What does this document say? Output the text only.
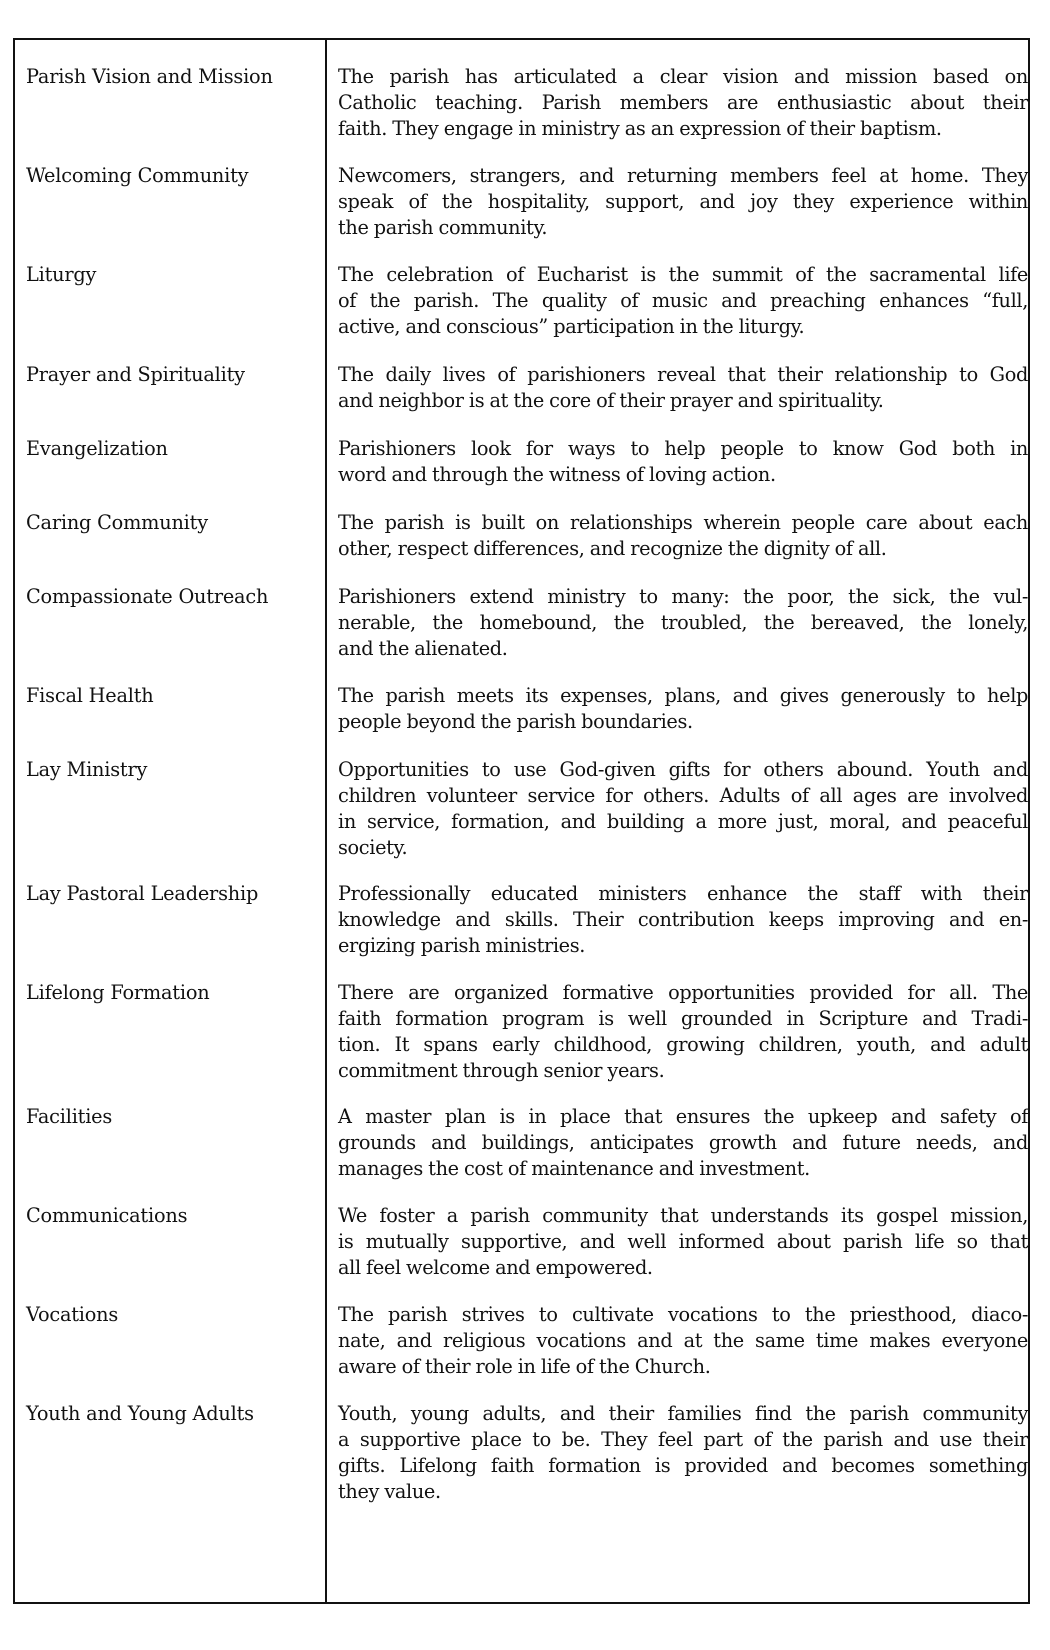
Parish Vision and Mission	The parish has articulated a clear vision and mission based on
Catholic teaching. Parish members are enthusiastic about their
faith. They engage in ministry as an expression of their baptism.
Welcoming Community	Newcomers, strangers, and returning members feel at home. They
speak of the hospitality, support, and joy they experience within
the parish community.
Liturgy	The celebration of Eucharist is the summit of the sacramental life
of the parish. The quality of music and preaching enhances “full,
active, and conscious” participation in the liturgy.
Prayer and Spirituality	The daily lives of parishioners reveal that their relationship to God
and neighbor is at the core of their prayer and spirituality.
Evangelization	Parishioners look for ways to help people to know God both in
word and through the witness of loving action.
Caring Community	The parish is built on relationships wherein people care about each
other, respect differences, and recognize the dignity of all.
Compassionate Outreach	Parishioners extend ministry to many: the poor, the sick, the vul-
nerable, the homebound, the troubled, the bereaved, the lonely,
and the alienated.
Fiscal Health	The parish meets its expenses, plans, and gives generously to help
people beyond the parish boundaries.
Lay Ministry	Opportunities to use God-given gifts for others abound. Youth and
children volunteer service for others. Adults of all ages are involved
in service, formation, and building a more just, moral, and peaceful
society.
Lay Pastoral Leadership	Professionally educated ministers enhance the staff with their
knowledge and skills. Their contribution keeps improving and en-
ergizing parish ministries.
Lifelong Formation	There are organized formative opportunities provided for all. The
faith formation program is well grounded in Scripture and Tradi-
tion. It spans early childhood, growing children, youth, and adult
commitment through senior years.
Facilities	A master plan is in place that ensures the upkeep and safety of
grounds and buildings, anticipates growth and future needs, and
manages the cost of maintenance and investment.
Communications	We foster a parish community that understands its gospel mission,
is mutually supportive, and well informed about parish life so that
all feel welcome and empowered.
Vocations	The parish strives to cultivate vocations to the priesthood, diaco-
nate, and religious vocations and at the same time makes everyone
aware of their role in life of the Church.
Youth and Young Adults	Youth, young adults, and their families find the parish community
a supportive place to be. They feel part of the parish and use their
gifts. Lifelong faith formation is provided and becomes something
they value.
